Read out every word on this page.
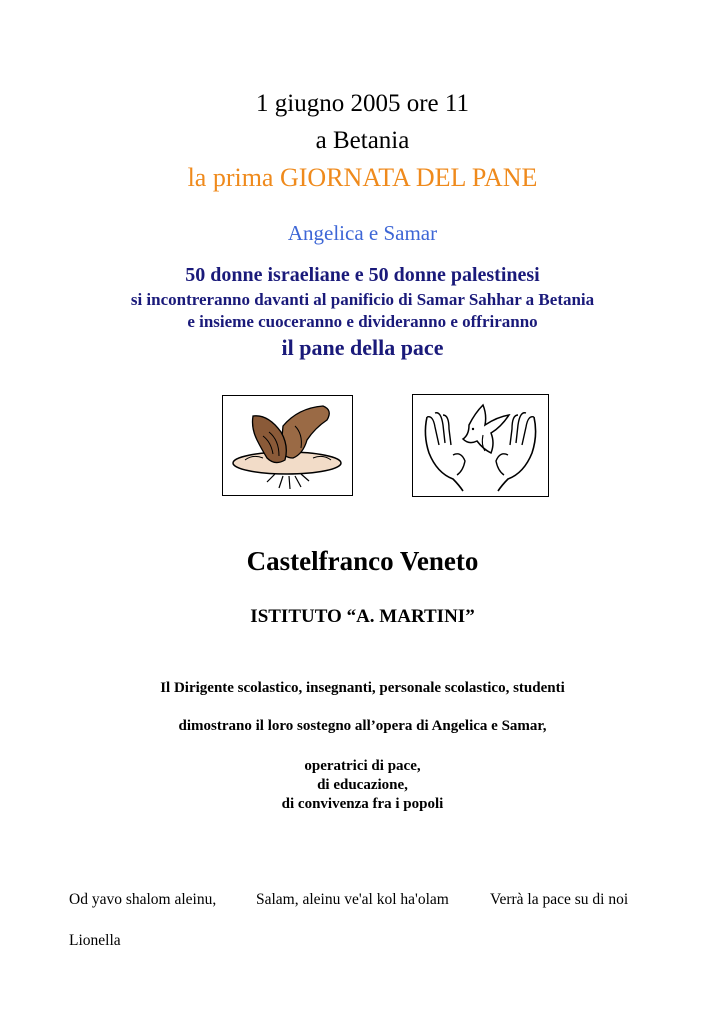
1 giugno 2005 ore 11
a Betania
la prima GIORNATA DEL PANE
Angelica e Samar
50 donne israeliane e 50 donne palestinesi
si incontreranno davanti al panificio di Samar Sahhar a Betania
e insieme cuoceranno e divideranno e offriranno
il pane della pace
Castelfranco Veneto
ISTITUTO “A. MARTINI”
Il Dirigente scolastico, insegnanti, personale scolastico, studenti
dimostrano il loro sostegno all’opera di Angelica e Samar,
operatrici di pace,
di educazione,
di convivenza fra i popoli
Od yavo shalom aleinu,	Salam, aleinu ve'al kol ha'olam	Verrà la pace su di noi
Lionella
